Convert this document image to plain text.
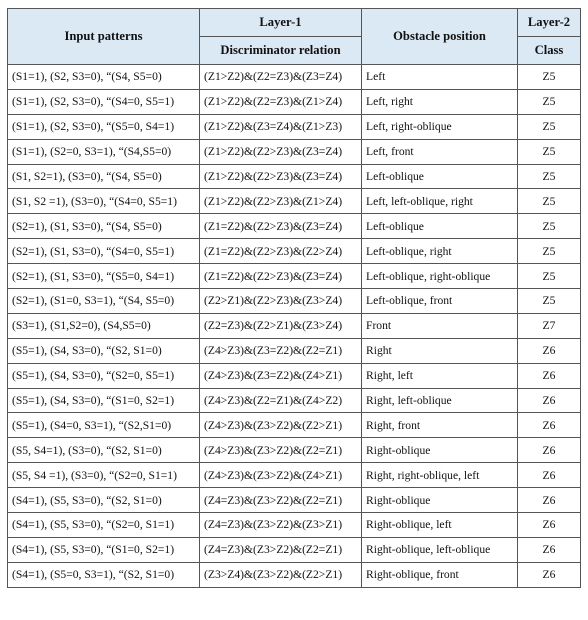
Input patterns	Layer-1	Obstacle position	Layer-2
	Discriminator relation		Class
(S1=1), (S2, S3=0), “(S4, S5=0)	(Z1>Z2)&(Z2=Z3)&(Z3=Z4)	Left	Z5
(S1=1), (S2, S3=0), “(S4=0, S5=1)	(Z1>Z2)&(Z2=Z3)&(Z1>Z4)	Left, right	Z5
(S1=1), (S2, S3=0), “(S5=0, S4=1)	(Z1>Z2)&(Z3=Z4)&(Z1>Z3)	Left, right-oblique	Z5
(S1=1), (S2=0, S3=1), “(S4,S5=0)	(Z1>Z2)&(Z2>Z3)&(Z3=Z4)	Left, front	Z5
(S1, S2=1), (S3=0), “(S4, S5=0)	(Z1>Z2)&(Z2>Z3)&(Z3=Z4)	Left-oblique	Z5
(S1, S2 =1), (S3=0), “(S4=0, S5=1)	(Z1>Z2)&(Z2>Z3)&(Z1>Z4)	Left, left-oblique, right	Z5
(S2=1), (S1, S3=0), “(S4, S5=0)	(Z1=Z2)&(Z2>Z3)&(Z3=Z4)	Left-oblique	Z5
(S2=1), (S1, S3=0), “(S4=0, S5=1)	(Z1=Z2)&(Z2>Z3)&(Z2>Z4)	Left-oblique, right	Z5
(S2=1), (S1, S3=0), “(S5=0, S4=1)	(Z1=Z2)&(Z2>Z3)&(Z3=Z4)	Left-oblique, right-oblique	Z5
(S2=1), (S1=0, S3=1), “(S4, S5=0)	(Z2>Z1)&(Z2>Z3)&(Z3>Z4)	Left-oblique, front	Z5
(S3=1), (S1,S2=0), (S4,S5=0)	(Z2=Z3)&(Z2>Z1)&(Z3>Z4)	Front	Z7
(S5=1), (S4, S3=0), “(S2, S1=0)	(Z4>Z3)&(Z3=Z2)&(Z2=Z1)	Right	Z6
(S5=1), (S4, S3=0), “(S2=0, S5=1)	(Z4>Z3)&(Z3=Z2)&(Z4>Z1)	Right, left	Z6
(S5=1), (S4, S3=0), “(S1=0, S2=1)	(Z4>Z3)&(Z2=Z1)&(Z4>Z2)	Right, left-oblique	Z6
(S5=1), (S4=0, S3=1), “(S2,S1=0)	(Z4>Z3)&(Z3>Z2)&(Z2>Z1)	Right, front	Z6
(S5, S4=1), (S3=0), “(S2, S1=0)	(Z4>Z3)&(Z3>Z2)&(Z2=Z1)	Right-oblique	Z6
(S5, S4 =1), (S3=0), “(S2=0, S1=1)	(Z4>Z3)&(Z3>Z2)&(Z4>Z1)	Right, right-oblique, left	Z6
(S4=1), (S5, S3=0), “(S2, S1=0)	(Z4=Z3)&(Z3>Z2)&(Z2=Z1)	Right-oblique	Z6
(S4=1), (S5, S3=0), “(S2=0, S1=1)	(Z4=Z3)&(Z3>Z2)&(Z3>Z1)	Right-oblique, left	Z6
(S4=1), (S5, S3=0), “(S1=0, S2=1)	(Z4=Z3)&(Z3>Z2)&(Z2=Z1)	Right-oblique, left-oblique	Z6
(S4=1), (S5=0, S3=1), “(S2, S1=0)	(Z3>Z4)&(Z3>Z2)&(Z2>Z1)	Right-oblique, front	Z6
